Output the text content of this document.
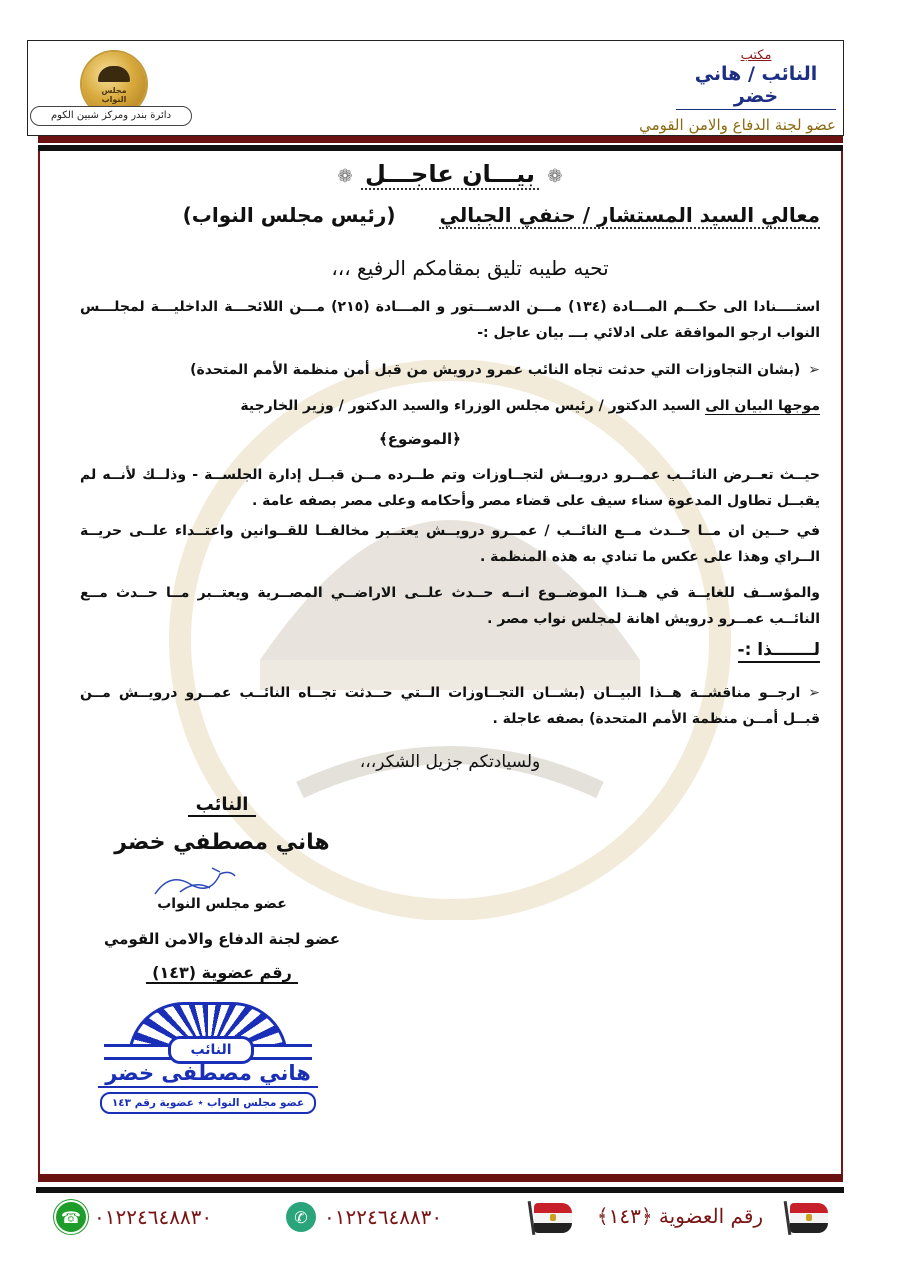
مكتب
النائب / هاني خضر
عضو لجنة الدفاع والامن القومي
مجلس النواب
دائرة بندر ومركز شبين الكوم
❁ بيـــان عاجـــل ❁
معالي السيد المستشار / حنفي الجبالي  (رئيس مجلس النواب)
تحيه طيبه تليق بمقامكم الرفيع ،،،
استــــنادا الى حكـــم المـــادة (١٣٤) مـــن الدســـتور و المـــادة (٢١٥) مـــن اللائحـــة الداخليـــة لمجلـــس النواب ارجو الموافقة على ادلائي بـــ بيان عاجل :-
➢(بشان التجاوزات التي حدثت تجاه النائب عمرو درويش من قبل أمن منظمة الأمم المتحدة)
موجها البيان الى السيد الدكتور / رئيس مجلس الوزراء والسيد الدكتور / وزير الخارجية
﴿الموضوع﴾
حيــث تعــرض النائــب عمــرو درويــش لتجــاوزات وتم طــرده مــن قبــل إدارة الجلســة - وذلــك لأنــه لم يقبــل تطاول المدعوة سناء سيف على قضاء مصر وأحكامه وعلى مصر بصفه عامة .
في حــين ان مــا حــدث مــع النائــب / عمــرو درويــش يعتــبر مخالفــا للقــوانين واعتــداء علــى حريــة الــراي وهذا على عكس ما تنادي به هذه المنظمة .
والمؤســف للغايــة في هــذا الموضــوع انــه حــدث علــى الاراضــي المصــرية ويعتــبر مــا حــدث مــع النائــب عمــرو درويش اهانة لمجلس نواب مصر .
لـــــــذا :-
➢ارجــو مناقشــة هــذا البيــان (بشــان التجــاوزات الــتي حــدثت تجــاه النائــب عمــرو درويــش مــن قبــل أمــن منظمة الأمم المتحدة) بصفه عاجلة .
ولسيادتكم جزيل الشكر،،،
النائب
هاني مصطفي خضر
عضو مجلس النواب
عضو لجنة الدفاع والامن القومي
رقم عضوية (١٤٣)
النائب
هاني مصطفى خضر
عضو مجلس النواب ٭ عضوية رقم ١٤٣
☎ ٠١٢٢٤٦٤٨٨٣٠	✆ ٠١٢٢٤٦٤٨٨٣٠	رقم العضوية ﴿١٤٣﴾
